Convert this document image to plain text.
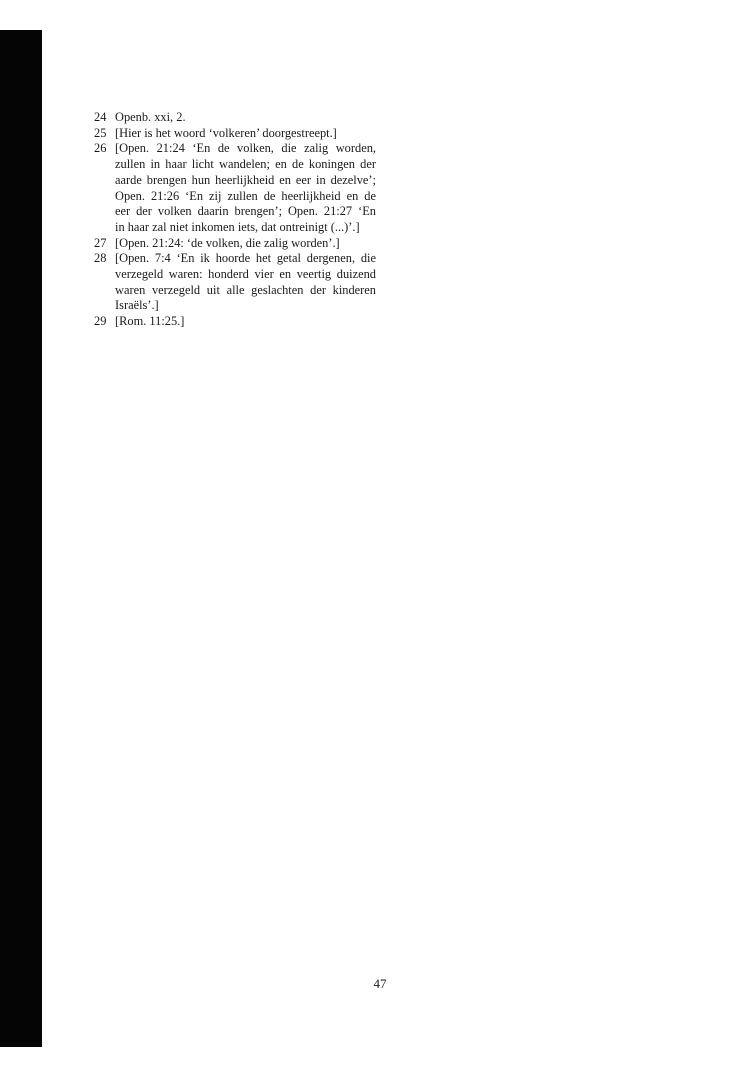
24 Openb. xxi, 2.
25 [Hier is het woord ‘volkeren’ doorgestreept.]
26 [Open. 21:24 ‘En de volken, die zalig worden,
zullen in haar licht wandelen; en de koningen der
aarde brengen hun heerlijkheid en eer in dezelve’;
Open. 21:26 ‘En zij zullen de heerlijkheid en de
eer der volken daarin brengen’; Open. 21:27 ‘En
in haar zal niet inkomen iets, dat ontreinigt (...)’.]
27 [Open. 21:24: ‘de volken, die zalig worden’.]
28 [Open. 7:4 ‘En ik hoorde het getal dergenen, die
verzegeld waren: honderd vier en veertig duizend
waren verzegeld uit alle geslachten der kinderen
Israëls’.]
29 [Rom. 11:25.]
47
